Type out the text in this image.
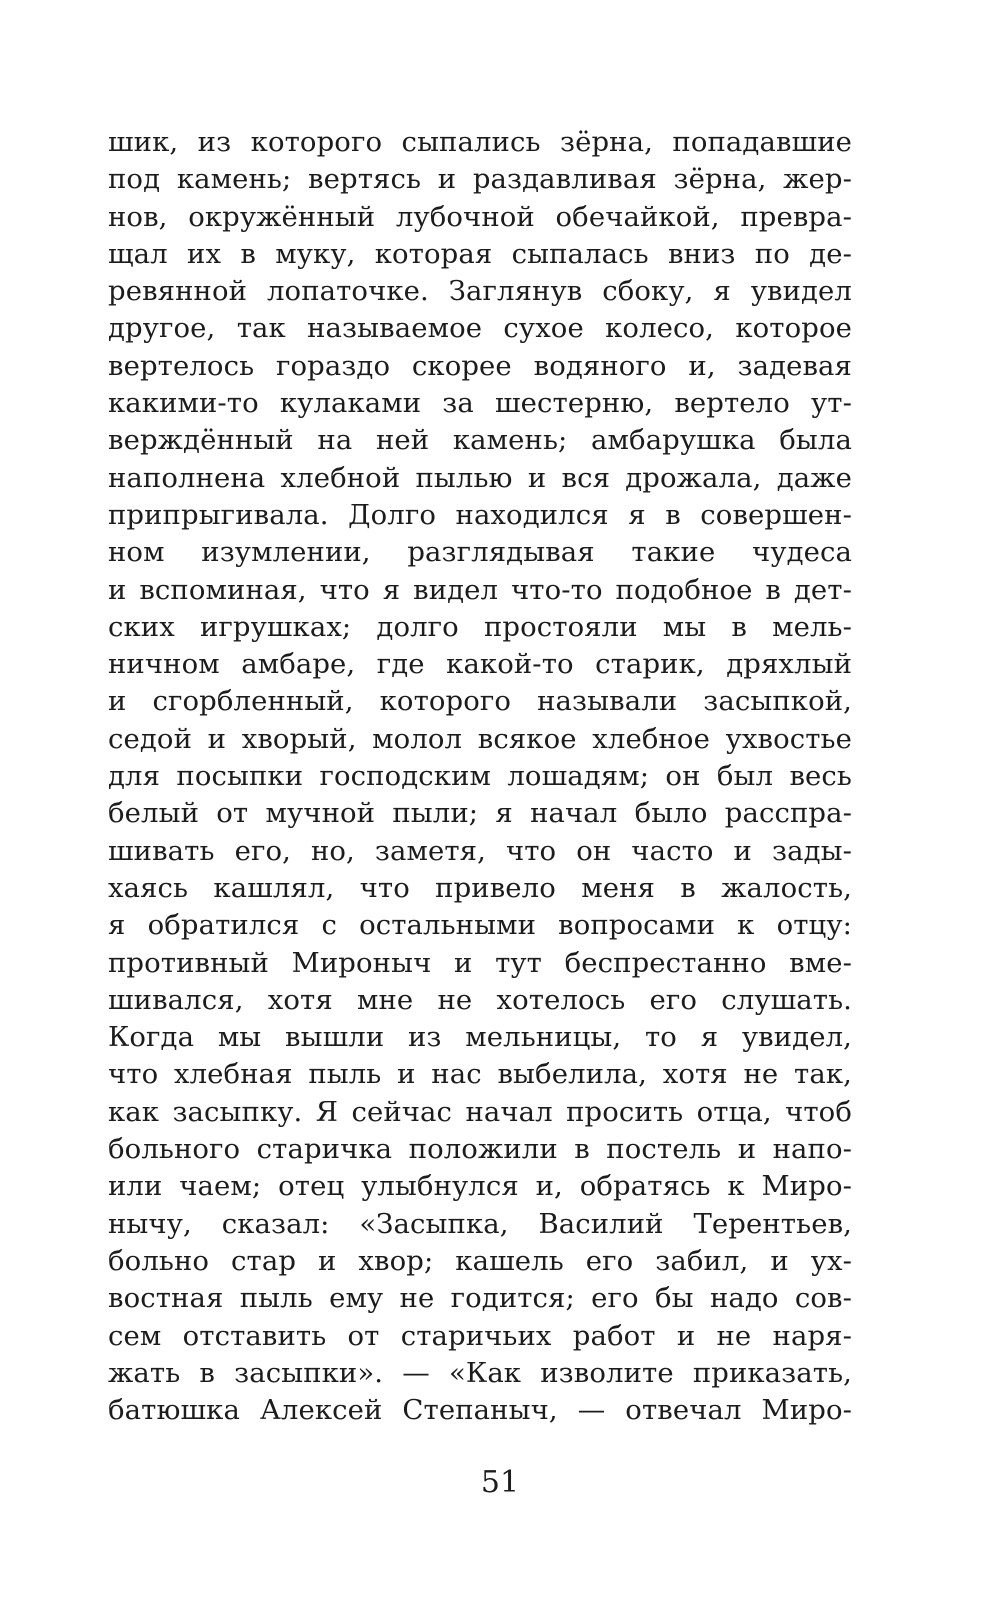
шик, из которого сыпались зёрна, попадавшие
под камень; вертясь и раздавливая зёрна, жер-
нов, окружённый лубочной обечайкой, превра-
щал их в муку, которая сыпалась вниз по де-
ревянной лопаточке. Заглянув сбоку, я увидел
другое, так называемое сухое колесо, которое
вертелось гораздо скорее водяного и, задевая
какими-то кулаками за шестерню, вертело ут-
верждённый на ней камень; амбарушка была
наполнена хлебной пылью и вся дрожала, даже
припрыгивала. Долго находился я в совершен-
ном изумлении, разглядывая такие чудеса
и вспоминая, что я видел что-то подобное в дет-
ских игрушках; долго простояли мы в мель-
ничном амбаре, где какой-то старик, дряхлый
и сгорбленный, которого называли засыпкой,
седой и хворый, молол всякое хлебное ухвостье
для посыпки господским лошадям; он был весь
белый от мучной пыли; я начал было расспра-
шивать его, но, заметя, что он часто и зады-
хаясь кашлял, что привело меня в жалость,
я обратился с остальными вопросами к отцу:
противный Мироныч и тут беспрестанно вме-
шивался, хотя мне не хотелось его слушать.
Когда мы вышли из мельницы, то я увидел,
что хлебная пыль и нас выбелила, хотя не так,
как засыпку. Я сейчас начал просить отца, чтоб
больного старичка положили в постель и напо-
или чаем; отец улыбнулся и, обратясь к Миро-
нычу, сказал: «Засыпка, Василий Терентьев,
больно стар и хвор; кашель его забил, и ух-
востная пыль ему не годится; его бы надо сов-
сем отставить от старичьих работ и не наря-
жать в засыпки». — «Как изволите приказать,
батюшка Алексей Степаныч, — отвечал Миро-
51
